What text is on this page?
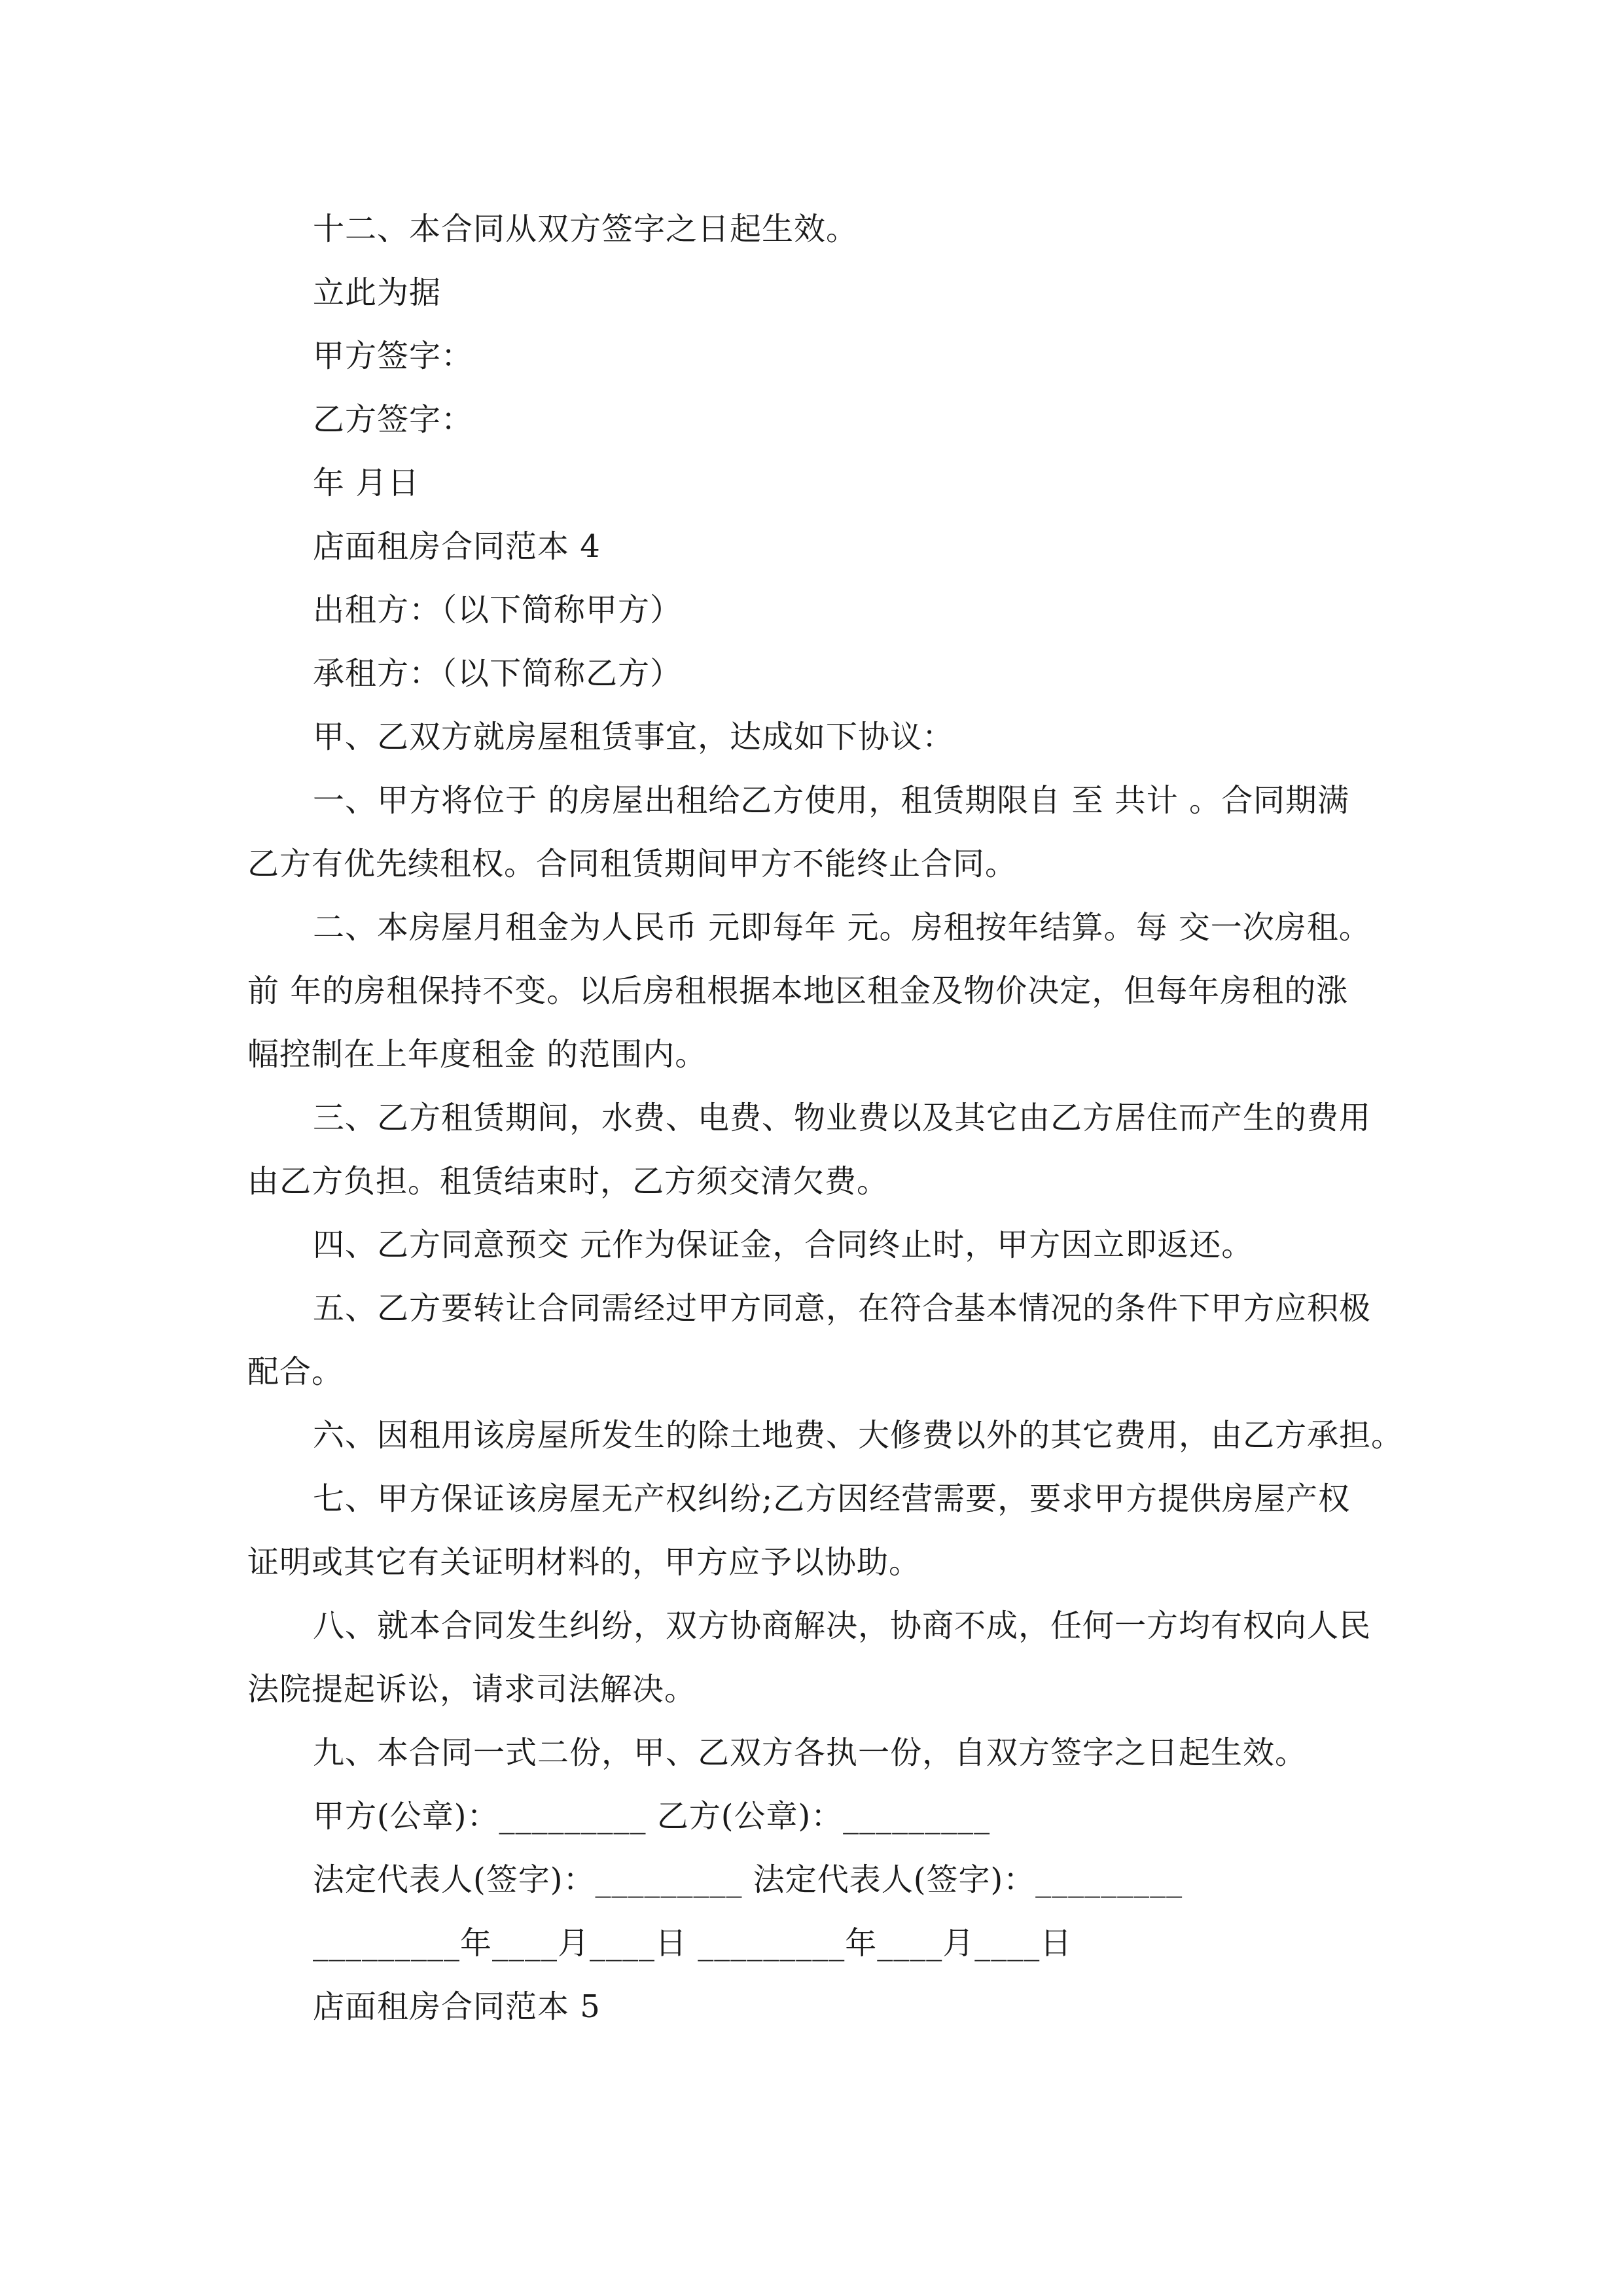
十二、本合同从双方签字之日起生效。
立此为据
甲方签字：
乙方签字：
年 月日
店面租房合同范本 4
出租方：（以下简称甲方）
承租方：（以下简称乙方）
甲、乙双方就房屋租赁事宜，达成如下协议：
一、甲方将位于 的房屋出租给乙方使用，租赁期限自 至 共计 。合同期满
乙方有优先续租权。合同租赁期间甲方不能终止合同。
二、本房屋月租金为人民币 元即每年 元。房租按年结算。每 交一次房租。
前 年的房租保持不变。以后房租根据本地区租金及物价决定，但每年房租的涨
幅控制在上年度租金 的范围内。
三、乙方租赁期间，水费、电费、物业费以及其它由乙方居住而产生的费用
由乙方负担。租赁结束时，乙方须交清欠费。
四、乙方同意预交 元作为保证金，合同终止时，甲方因立即返还。
五、乙方要转让合同需经过甲方同意，在符合基本情况的条件下甲方应积极
配合。
六、因租用该房屋所发生的除土地费、大修费以外的其它费用，由乙方承担。
七、甲方保证该房屋无产权纠纷;乙方因经营需要，要求甲方提供房屋产权
证明或其它有关证明材料的，甲方应予以协助。
八、就本合同发生纠纷，双方协商解决，协商不成，任何一方均有权向人民
法院提起诉讼，请求司法解决。
九、本合同一式二份，甲、乙双方各执一份，自双方签字之日起生效。
甲方(公章)：_________ 乙方(公章)：_________
法定代表人(签字)：_________ 法定代表人(签字)：_________
_________年____月____日 _________年____月____日
店面租房合同范本 5
